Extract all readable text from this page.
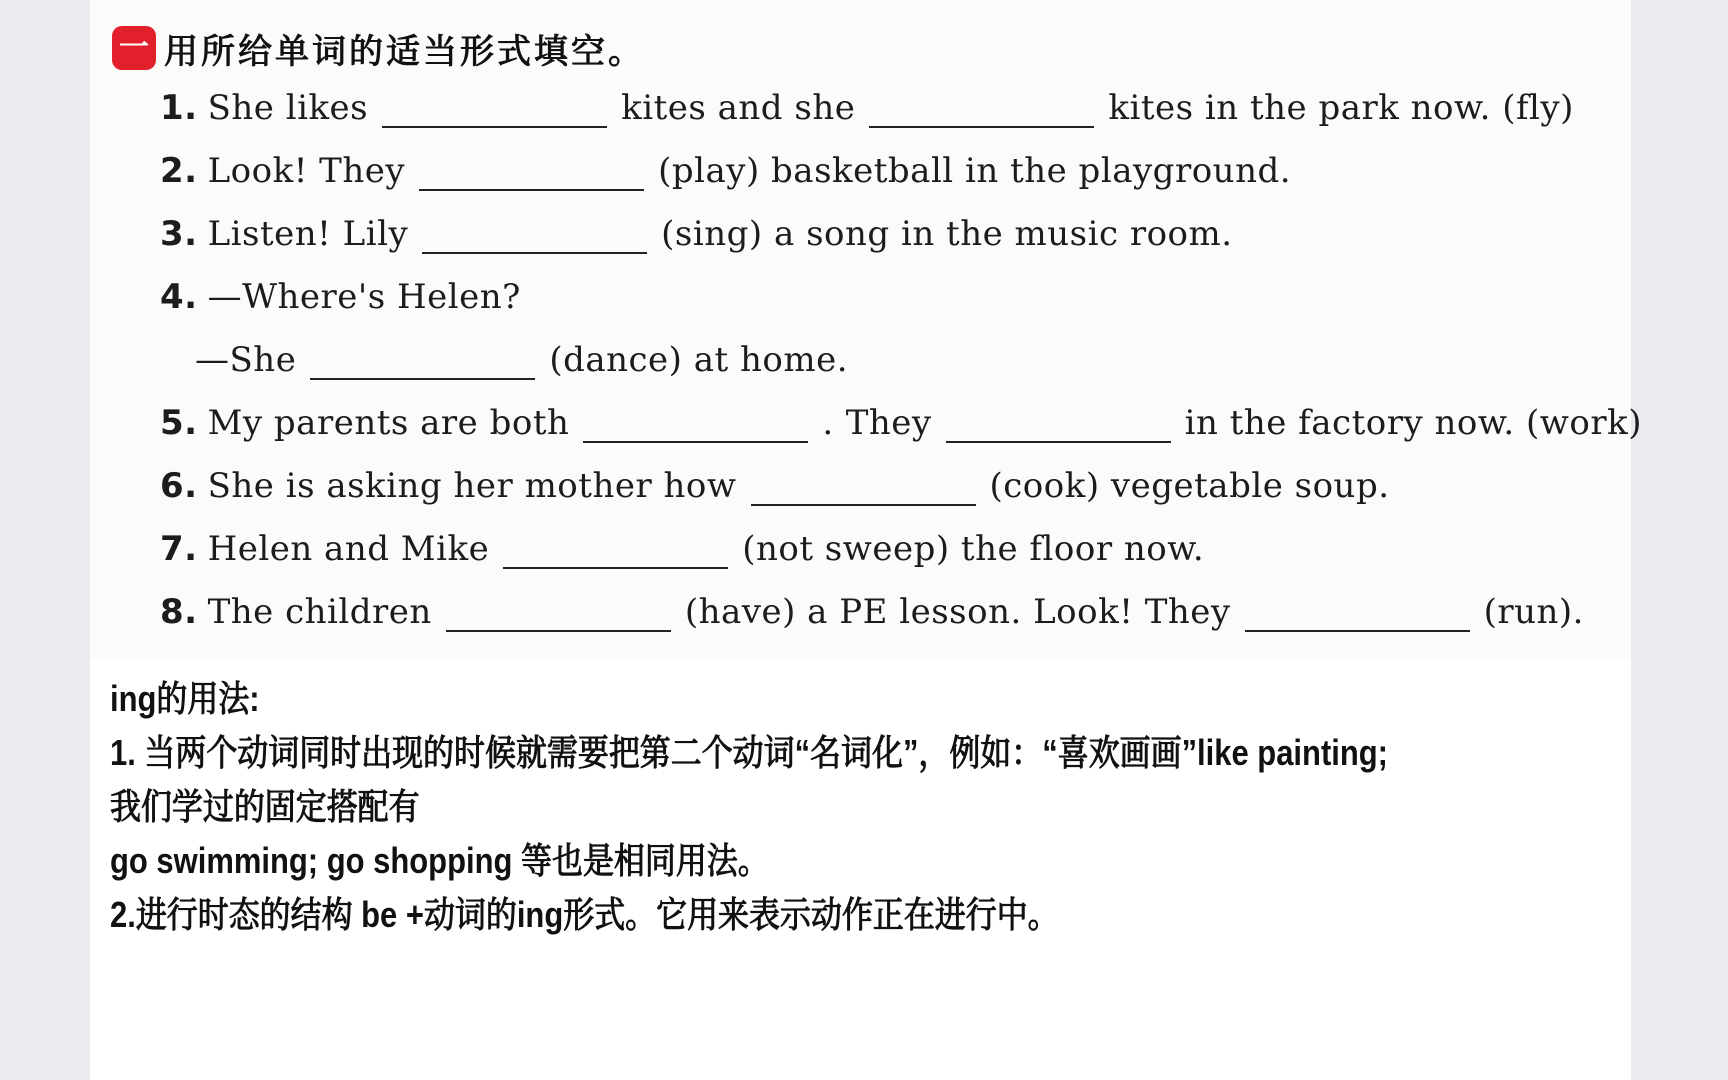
一 用所给单词的适当形式填空。
1. She likes	kites and she	kites in the park now. (fly)
2. Look! They	(play) basketball in the playground.
3. Listen! Lily	(sing) a song in the music room.
4. —Where's Helen?
—She	(dance) at home.
5. My parents are both	. They	in the factory now. (work)
6. She is asking her mother how	(cook) vegetable soup.
7. Helen and Mike	(not sweep) the floor now.
8. The children	(have) a PE lesson. Look! They	(run).

ing的用法:

1. 当两个动词同时出现的时候就需要把第二个动词“名词化”，例如：“喜欢画画”like painting; 我们学过的固定搭配有

go swimming; go shopping 等也是相同用法。

2.进行时态的结构 be +动词的ing形式。它用来表示动作正在进行中。
